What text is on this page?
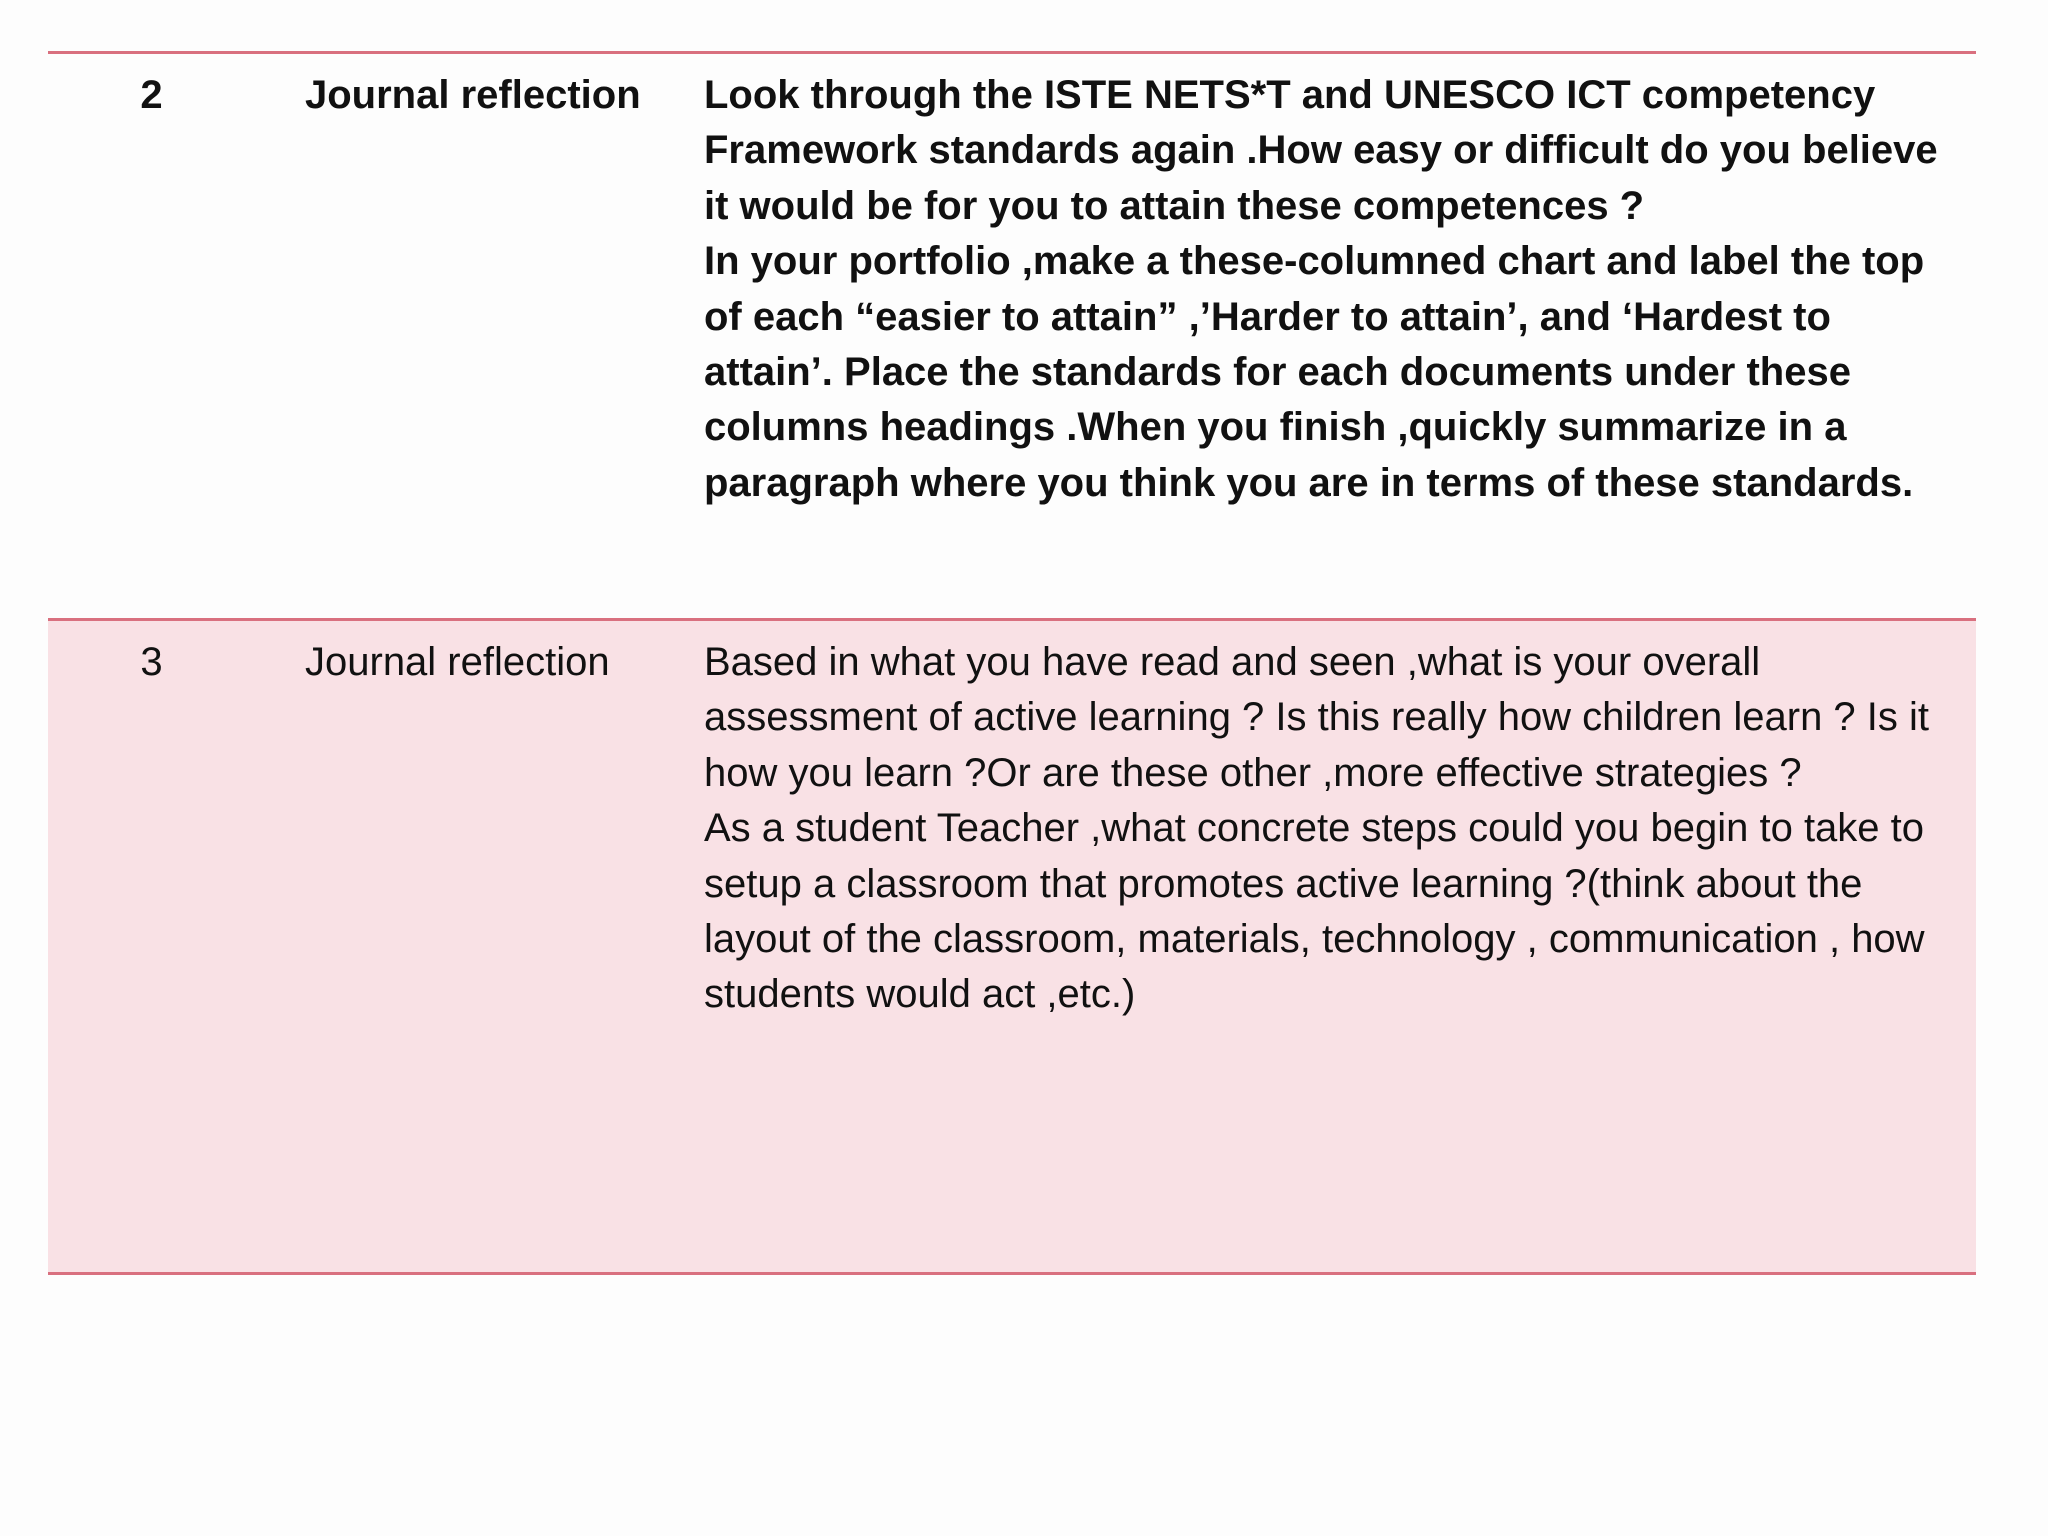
2	Journal reflection	Look through the ISTE NETS*T and UNESCO ICT competency Framework standards again .How easy or difficult do you believe it would be for you to attain these competences ?

In your portfolio ,make a these-columned chart and label the top of each “easier to attain” ,’Harder to attain’, and ‘Hardest to attain’. Place the standards for each documents under these columns headings .When you finish ,quickly summarize in a paragraph where you think you are in terms of these standards.

3	Journal reflection	Based in what you have read and seen ,what is your overall assessment of active learning ? Is this really how children learn ? Is it how you learn ?Or are these other ,more effective strategies ?

As a student Teacher ,what concrete steps could you begin to take to setup a classroom that promotes active learning ?(think about the layout of the classroom, materials, technology , communication , how students would act ,etc.)
